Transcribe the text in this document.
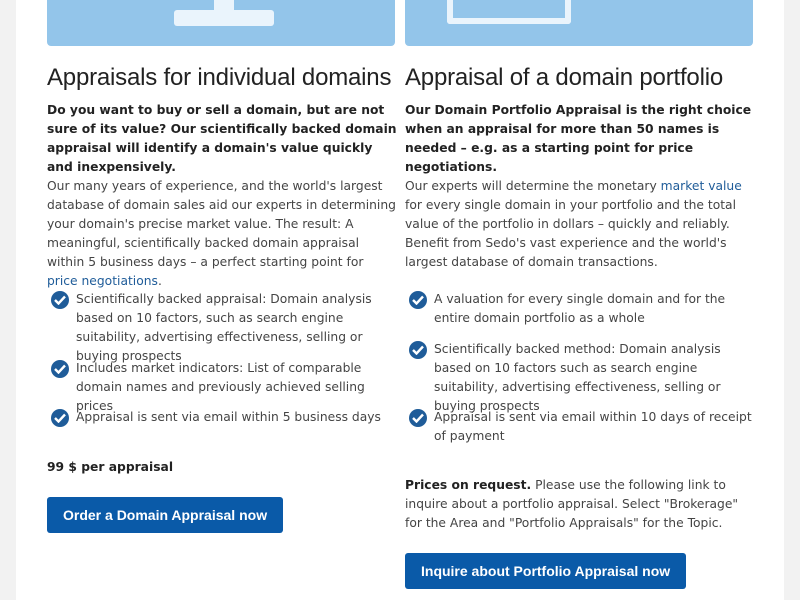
Appraisals for individual domains

Do you want to buy or sell a domain, but are not sure of its value? Our scientifically backed domain appraisal will identify a domain's value quickly and inexpensively.

Our many years of experience, and the world's largest database of domain sales aid our experts in determining your domain's precise market value. The result: A meaningful, scientifically backed domain appraisal within 5 business days – a perfect starting point for price negotiations.

Scientifically backed appraisal: Domain analysis based on 10 factors, such as search engine suitability, advertising effectiveness, selling or buying prospects
Includes market indicators: List of comparable domain names and previously achieved selling prices
Appraisal is sent via email within 5 business days

99 $ per appraisal

Order a Domain Appraisal now
Appraisal of a domain portfolio

Our Domain Portfolio Appraisal is the right choice when an appraisal for more than 50 names is needed – e.g. as a starting point for price negotiations.

Our experts will determine the monetary market value for every single domain in your portfolio and the total value of the portfolio in dollars – quickly and reliably. Benefit from Sedo's vast experience and the world's largest database of domain transactions.

A valuation for every single domain and for the entire domain portfolio as a whole
Scientifically backed method: Domain analysis based on 10 factors such as search engine suitability, advertising effectiveness, selling or buying prospects
Appraisal is sent via email within 10 days of receipt of payment

Prices on request. Please use the following link to inquire about a portfolio appraisal. Select "Brokerage" for the Area and "Portfolio Appraisals" for the Topic.

Inquire about Portfolio Appraisal now
